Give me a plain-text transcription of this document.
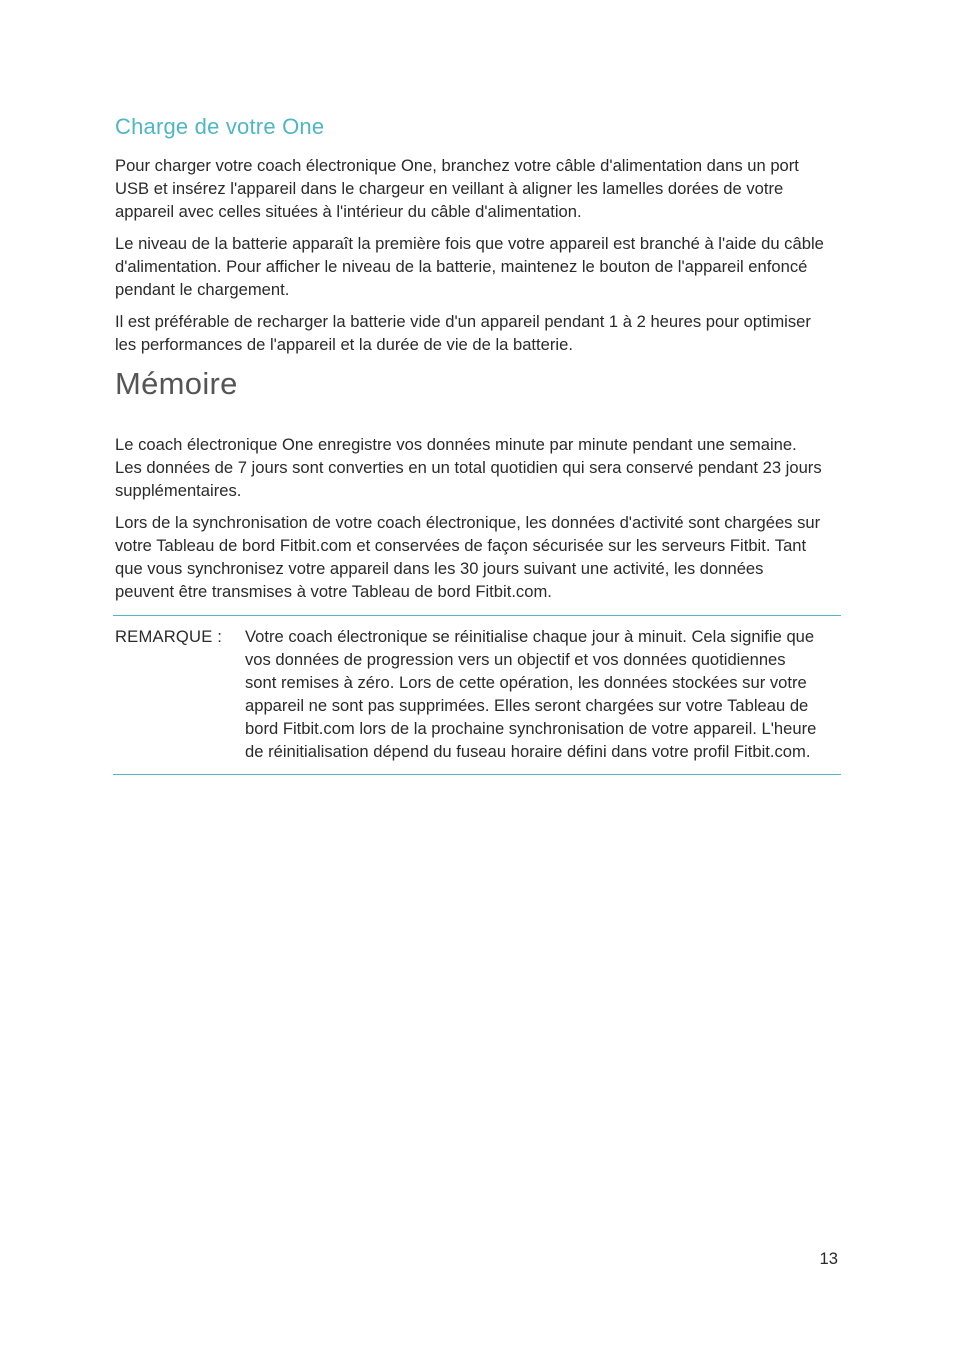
Charge de votre One

Pour charger votre coach électronique One, branchez votre câble d'alimentation dans un port USB et insérez l'appareil dans le chargeur en veillant à aligner les lamelles dorées de votre appareil avec celles situées à l'intérieur du câble d'alimentation.

Le niveau de la batterie apparaît la première fois que votre appareil est branché à l'aide du câble d'alimentation. Pour afficher le niveau de la batterie, maintenez le bouton de l'appareil enfoncé pendant le chargement.

Il est préférable de recharger la batterie vide d'un appareil pendant 1 à 2 heures pour optimiser les performances de l'appareil et la durée de vie de la batterie.

Mémoire

Le coach électronique One enregistre vos données minute par minute pendant une semaine. Les données de 7 jours sont converties en un total quotidien qui sera conservé pendant 23 jours supplémentaires.

Lors de la synchronisation de votre coach électronique, les données d'activité sont chargées sur votre Tableau de bord Fitbit.com et conservées de façon sécurisée sur les serveurs Fitbit. Tant que vous synchronisez votre appareil dans les 30 jours suivant une activité, les données peuvent être transmises à votre Tableau de bord Fitbit.com.

REMARQUE :	Votre coach électronique se réinitialise chaque jour à minuit. Cela signifie que vos données de progression vers un objectif et vos données quotidiennes sont remises à zéro. Lors de cette opération, les données stockées sur votre appareil ne sont pas supprimées. Elles seront chargées sur votre Tableau de bord Fitbit.com lors de la prochaine synchronisation de votre appareil. L'heure de réinitialisation dépend du fuseau horaire défini dans votre profil Fitbit.com.
13
